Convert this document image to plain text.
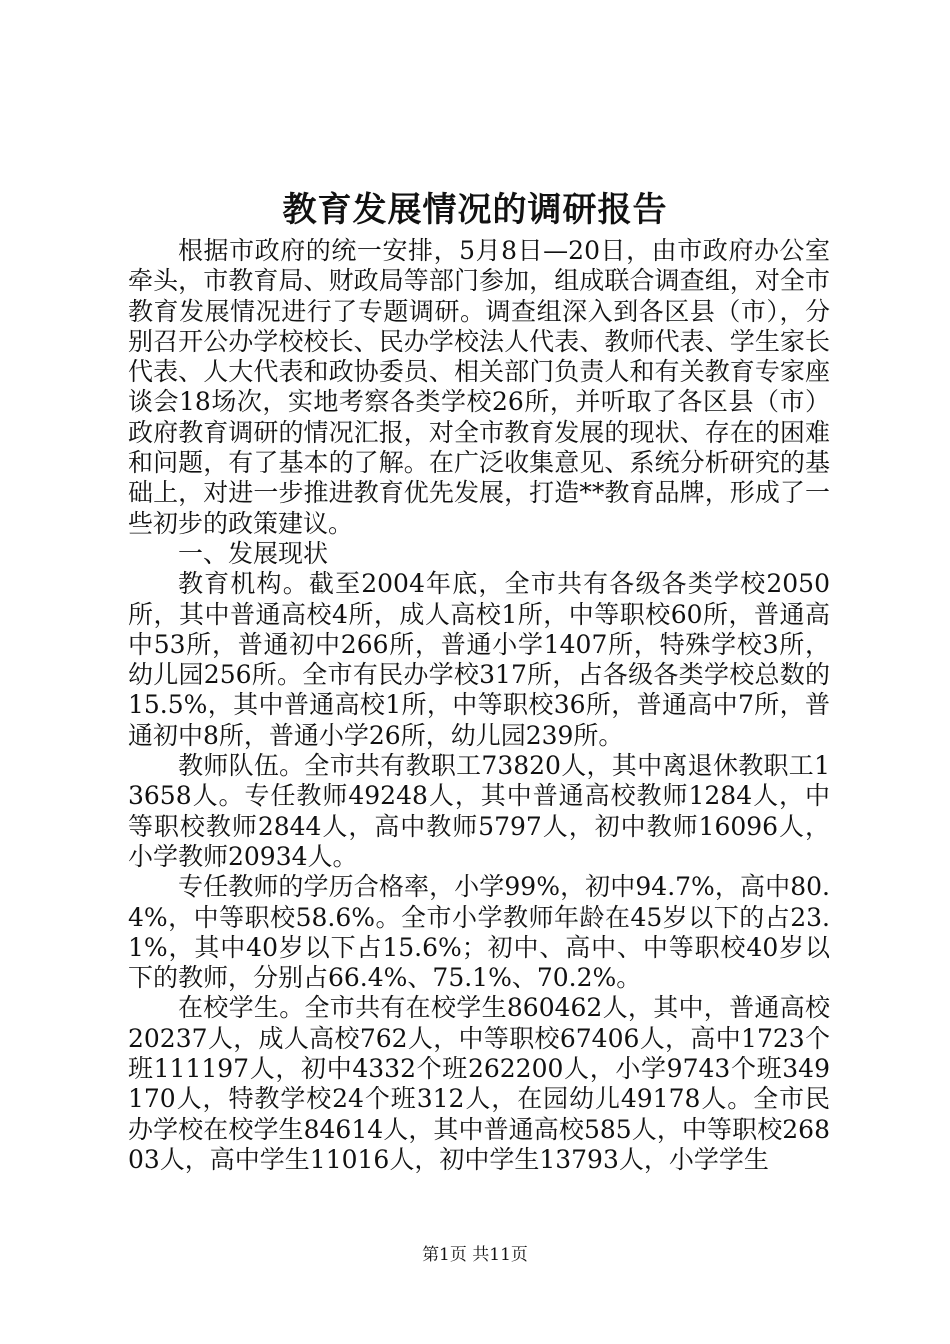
教育发展情况的调研报告

根据市政府的统一安排，5月8日—20日，由市政府办公室牵头，市教育局、财政局等部门参加，组成联合调查组，对全市教育发展情况进行了专题调研。调查组深入到各区县（市），分别召开公办学校校长、民办学校法人代表、教师代表、学生家长代表、人大代表和政协委员、相关部门负责人和有关教育专家座谈会18场次，实地考察各类学校26所，并听取了各区县（市）政府教育调研的情况汇报，对全市教育发展的现状、存在的困难和问题，有了基本的了解。在广泛收集意见、系统分析研究的基础上，对进一步推进教育优先发展，打造**教育品牌，形成了一些初步的政策建议。

一、发展现状

教育机构。截至2004年底，全市共有各级各类学校2050所，其中普通高校4所，成人高校1所，中等职校60所，普通高中53所，普通初中266所，普通小学1407所，特殊学校3所，幼儿园256所。全市有民办学校317所，占各级各类学校总数的15.5%，其中普通高校1所，中等职校36所，普通高中7所，普通初中8所，普通小学26所，幼儿园239所。

教师队伍。全市共有教职工73820人，其中离退休教职工13658人。专任教师49248人，其中普通高校教师1284人，中等职校教师2844人，高中教师5797人，初中教师16096人，小学教师20934人。

专任教师的学历合格率，小学99%，初中94.7%，高中80.4%，中等职校58.6%。全市小学教师年龄在45岁以下的占23.1%，其中40岁以下占15.6%；初中、高中、中等职校40岁以下的教师，分别占66.4%、75.1%、70.2%。

在校学生。全市共有在校学生860462人，其中，普通高校20237人，成人高校762人，中等职校67406人，高中1723个班111197人，初中4332个班262200人，小学9743个班349170人，特教学校24个班312人，在园幼儿49178人。全市民办学校在校学生84614人，其中普通高校585人，中等职校26803人，高中学生11016人，初中学生13793人，小学学生

第1页 共11页
